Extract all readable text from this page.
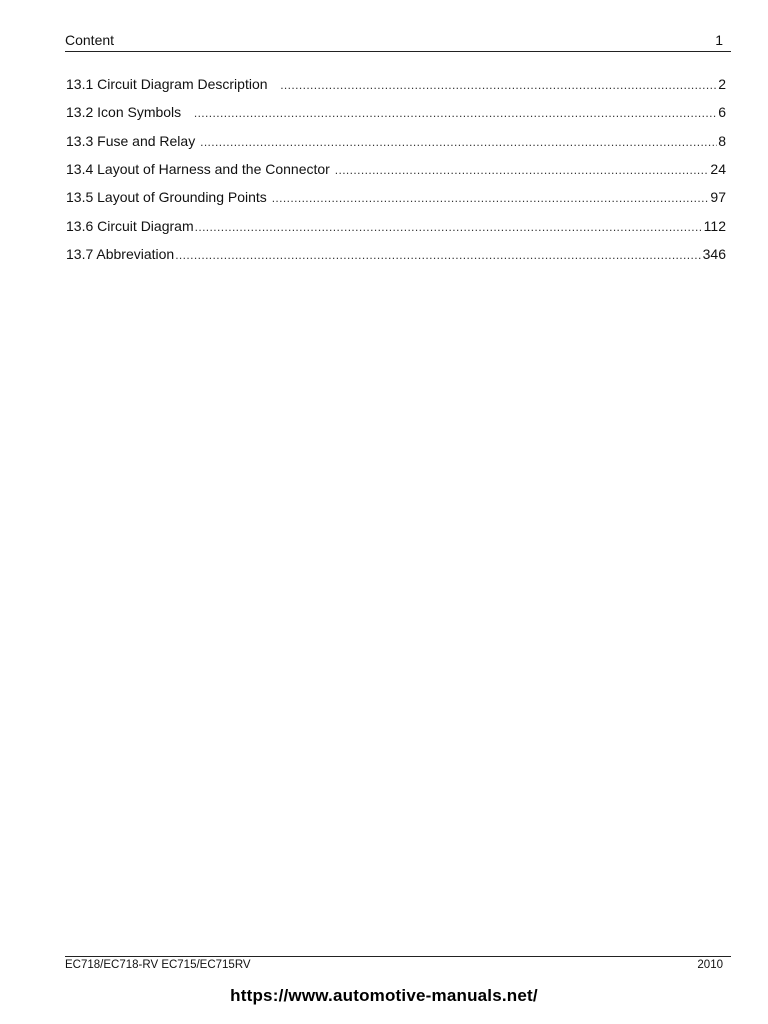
Content	1
13.1 Circuit Diagram Description .....	2
13.2 Icon Symbols .....	6
13.3 Fuse and Relay .....	8
13.4 Layout of Harness and the Connector .....	24
13.5 Layout of Grounding Points .....	97
13.6 Circuit Diagram .....	112
13.7 Abbreviation .....	346
EC718/EC718-RV EC715/EC715RV	2010
https://www.automotive-manuals.net/
